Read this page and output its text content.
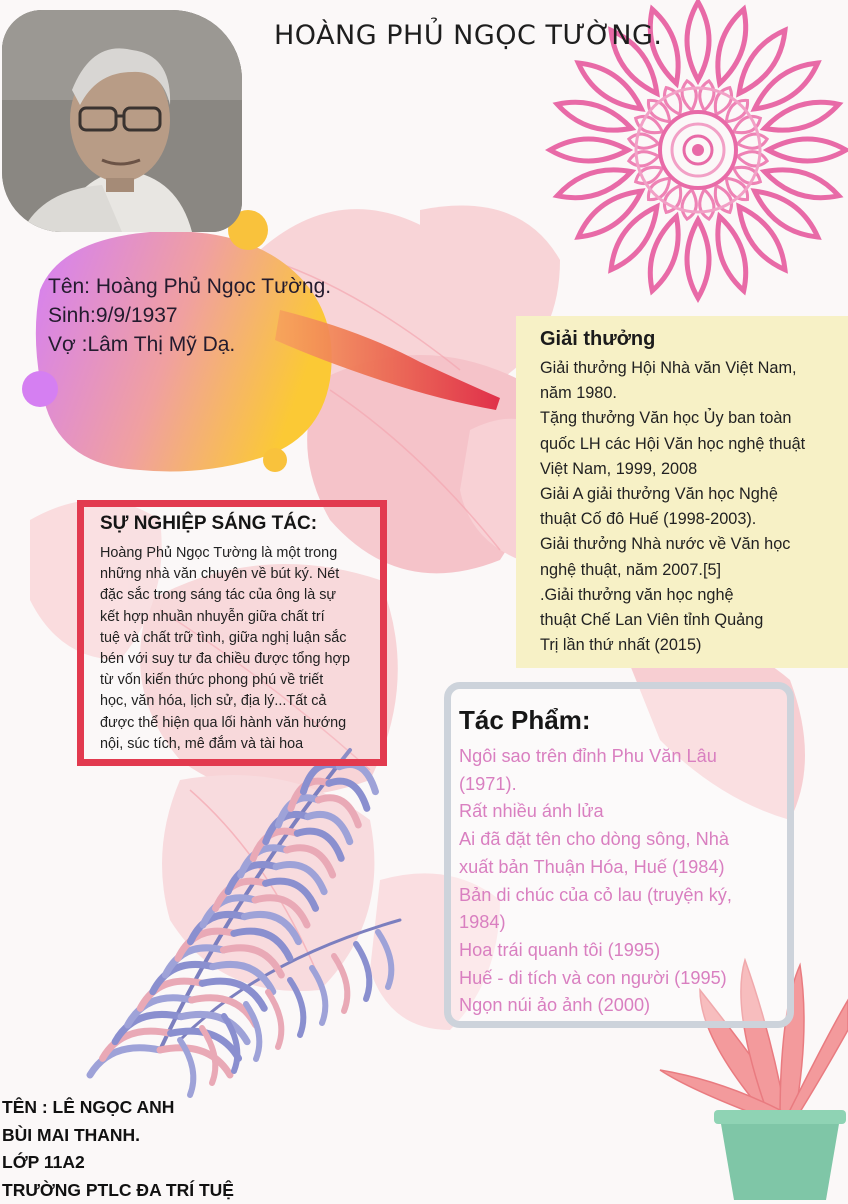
HOÀNG PHỦ NGỌC TƯỜNG.
Tên: Hoàng Phủ Ngọc Tường.
Sinh:9/9/1937
Vợ :Lâm Thị Mỹ Dạ.
SỰ NGHIỆP SÁNG TÁC:
Hoàng Phủ Ngọc Tường là một trong
những nhà văn chuyên về bút ký. Nét
đặc sắc trong sáng tác của ông là sự
kết hợp nhuần nhuyễn giữa chất trí
tuệ và chất trữ tình, giữa nghị luận sắc
bén với suy tư đa chiều được tổng hợp
từ vốn kiến thức phong phú về triết
học, văn hóa, lịch sử, địa lý...Tất cả
được thể hiện qua lối hành văn hướng
nội, súc tích, mê đắm và tài hoa
Giải thưởng
Giải thưởng Hội Nhà văn Việt Nam,
năm 1980.
Tặng thưởng Văn học Ủy ban toàn
quốc LH các Hội Văn học nghệ thuật
Việt Nam, 1999, 2008
Giải A giải thưởng Văn học Nghệ
thuật Cố đô Huế (1998-2003).
Giải thưởng Nhà nước về Văn học
nghệ thuật, năm 2007.[5]
.Giải thưởng văn học nghệ
thuật Chế Lan Viên tỉnh Quảng
Trị lần thứ nhất (2015)
Tác Phẩm:
Ngôi sao trên đỉnh Phu Văn Lâu
(1971).
Rất nhiều ánh lửa
Ai đã đặt tên cho dòng sông, Nhà
xuất bản Thuận Hóa, Huế (1984)
Bản di chúc của cỏ lau (truyện ký,
1984)
Hoa trái quanh tôi (1995)
Huế - di tích và con người (1995)
Ngọn núi ảo ảnh (2000)
TÊN : LÊ NGỌC ANH
BÙI MAI THANH.
LỚP 11A2
TRƯỜNG PTLC ĐA TRÍ TUỆ
